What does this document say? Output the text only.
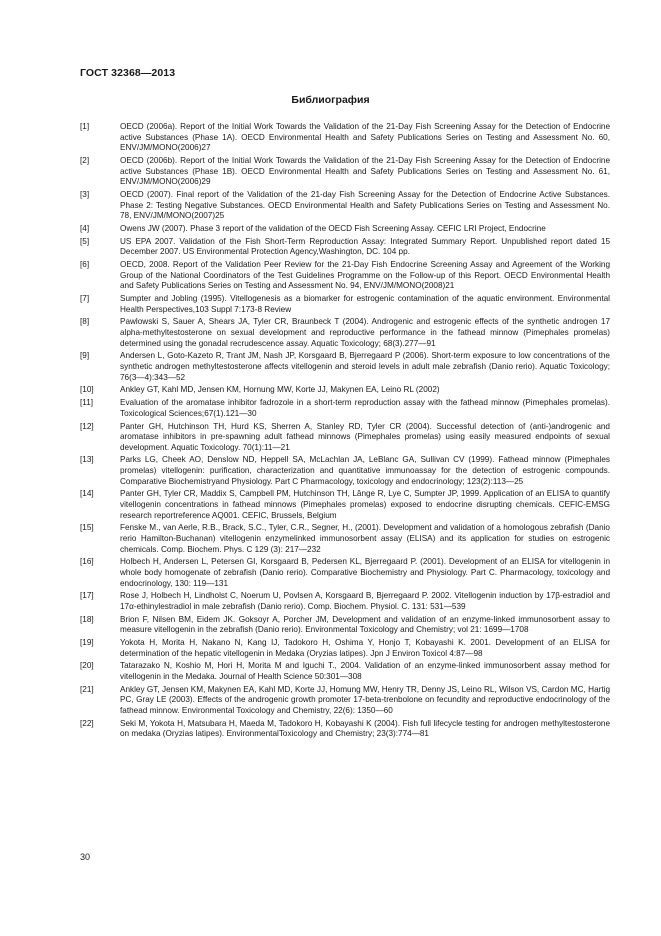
ГОСТ 32368—2013
Библиография
[1]	OECD (2006a). Report of the Initial Work Towards the Validation of the 21-Day Fish Screening Assay for the Detection of Endocrine active Substances (Phase 1A). OECD Environmental Health and Safety Publications Series on Testing and Assessment No. 60, ENV/JM/MONO(2006)27
[2]	OECD (2006b). Report of the Initial Work Towards the Validation of the 21-Day Fish Screening Assay for the Detection of Endocrine active Substances (Phase 1B). OECD Environmental Health and Safety Publications Series on Testing and Assessment No. 61, ENV/JM/MONO(2006)29
[3]	OECD (2007). Final report of the Validation of the 21-day Fish Screening Assay for the Detection of Endocrine Active Substances. Phase 2: Testing Negative Substances. OECD Environmental Health and Safety Publications Series on Testing and Assessment No. 78, ENV/JM/MONO(2007)25
[4]	Owens JW (2007). Phase 3 report of the validation of the OECD Fish Screening Assay. CEFIC LRI Project, Endocrine
[5]	US EPA 2007. Validation of the Fish Short-Term Reproduction Assay: Integrated Summary Report. Unpublished report dated 15 December 2007. US Environmental Protection Agency,Washington, DC. 104 pp.
[6]	OECD, 2008. Report of the Validation Peer Review for the 21-Day Fish Endocrine Screening Assay and Agreement of the Working Group of the National Coordinators of the Test Guidelines Programme on the Follow-up of this Report. OECD Environmental Health and Safety Publications Series on Testing and Assessment No. 94, ENV/JM/MONO(2008)21
[7]	Sumpter and Jobling (1995). Vitellogenesis as a biomarker for estrogenic contamination of the aquatic environment. Environmental Health Perspectives,103 Suppl 7:173-8 Review
[8]	Pawlowski S, Sauer A, Shears JA, Tyler CR, Braunbeck T (2004). Androgenic and estrogenic effects of the synthetic androgen 17 alpha-methyltestosterone on sexual development and reproductive performance in the fathead minnow (Pimephales promelas) determined using the gonadal recrudescence assay. Aquatic Toxicology; 68(3).277—91
[9]	Andersen L, Goto-Kazeto R, Trant JM, Nash JP, Korsgaard B, Bjerregaard P (2006). Short-term exposure to low concentrations of the synthetic androgen methyltestosterone affects vitellogenin and steroid levels in adult male zebrafish (Danio rerio). Aquatic Toxicology; 76(3—4):343—52
[10]	Ankley GT, Kahl MD, Jensen KM, Hornung MW, Korte JJ, Makynen EA, Leino RL (2002)
[11]	Evaluation of the aromatase inhibitor fadrozole in a short-term reproduction assay with the fathead minnow (Pimephales promelas). Toxicological Sciences;67(1).121—30
[12]	Panter GH, Hutchinson TH, Hurd KS, Sherren A, Stanley RD, Tyler CR (2004). Successful detection of (anti-)androgenic and aromatase inhibitors in pre-spawning adult fathead minnows (Pimephales promelas) using easily measured endpoints of sexual development. Aquatic Toxicology. 70(1):11—21
[13]	Parks LG, Cheek AO, Denslow ND, Heppell SA, McLachlan JA, LeBlanc GA, Sullivan CV (1999). Fathead minnow (Pimephales promelas) vitellogenin: purification, characterization and quantitative immunoassay for the detection of estrogenic compounds. Comparative Biochemistryand Physiology. Part C Pharmacology, toxicology and endocrinology; 123(2):113—25
[14]	Panter GH, Tyler CR, Maddix S, Campbell PM, Hutchinson TH, Lânge R, Lye C, Sumpter JP, 1999. Application of an ELISA to quantify vitellogenin concentrations in fathead minnows (Pimephales promelas) exposed to endocrine disrupting chemicals. CEFIC-EMSG research reportreference AQ001. CEFIC, Brussels, Belgium
[15]	Fenske M., van Aerle, R.B., Brack, S.C., Tyler, C.R., Segner, H., (2001). Development and validation of a homologous zebrafish (Danio rerio Hamilton-Buchanan) vitellogenin enzymelinked immunosorbent assay (ELISA) and its application for studies on estrogenic chemicals. Comp. Biochem. Phys. C 129 (3): 217—232
[16]	Holbech H, Andersen L, Petersen GI, Korsgaard B, Pedersen KL, Bjerregaard P. (2001). Development of an ELISA for vitellogenin in whole body homogenate of zebrafish (Danio rerio). Comparative Biochemistry and Physiology. Part C. Pharmacology, toxicology and endocrinology, 130: 119—131
[17]	Rose J, Holbech H, Lindholst C, Noerum U, Povlsen A, Korsgaard B, Bjerregaard P. 2002. Vitellogenin induction by 17β-estradiol and 17α-ethinylestradiol in male zebrafish (Danio rerio). Comp. Biochem. Physiol. C. 131: 531—539
[18]	Brion F, Nilsen BM, Eidem JK. Goksoyr A, Porcher JM, Development and validation of an enzyme-linked immunosorbent assay to measure vitellogenin in the zebrafish (Danio rerio). Environmental Toxicology and Chemistry; vol 21: 1699—1708
[19]	Yokota H, Morita H, Nakano N, Kang IJ, Tadokoro H, Oshima Y, Honjo T, Kobayashi K. 2001. Development of an ELISA for determination of the hepatic vitellogenin in Medaka (Oryzias latipes). Jpn J Environ Toxicol 4:87—98
[20]	Tatarazako N, Koshio M, Hori H, Morita M and Iguchi T., 2004. Validation of an enzyme-linked immunosorbent assay method for vitellogenin in the Medaka. Journal of Health Science 50:301—308
[21]	Ankley GT, Jensen KM, Makynen EA, Kahl MD, Korte JJ, Homung MW, Henry TR, Denny JS, Leino RL, Wilson VS, Cardon MC, Hartig PC, Gray LE (2003). Effects of the androgenic growth promoter 17-beta-trenbolone on fecundity and reproductive endocrinology of the fathead minnow. Environmental Toxicology and Chemistry, 22(6): 1350—60
[22]	Seki M, Yokota H, Matsubara H, Maeda M, Tadokoro H, Kobayashi K (2004). Fish full lifecycle testing for androgen methyltestosterone on medaka (Oryzias latipes). EnvironmentalToxicology and Chemistry; 23(3):774—81
30
